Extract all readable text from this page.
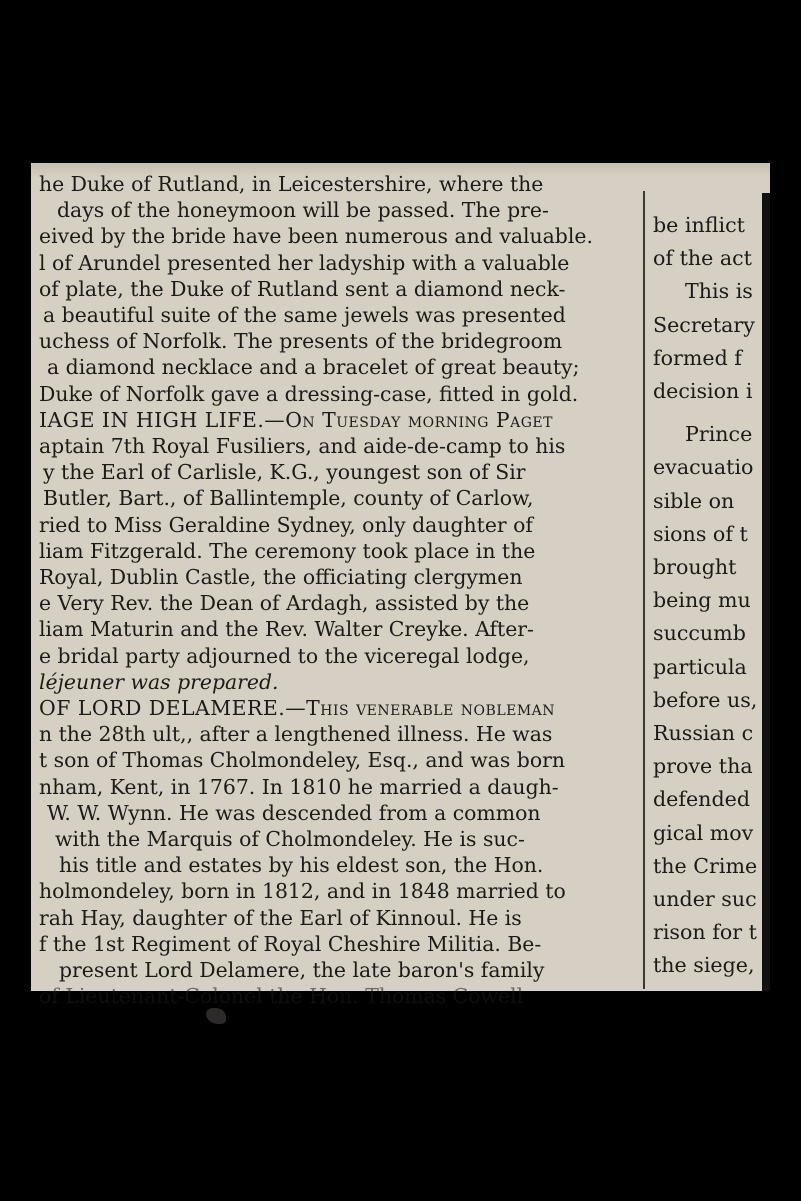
he Duke of Rutland, in Leicestershire, where the

days of the honeymoon will be passed. The pre-

eived by the bride have been numerous and valuable.

l of Arundel presented her ladyship with a valuable

of plate, the Duke of Rutland sent a diamond neck-

a beautiful suite of the same jewels was presented

uchess of Norfolk. The presents of the bridegroom

a diamond necklace and a bracelet of great beauty;

Duke of Norfolk gave a dressing-case, fitted in gold.

IAGE IN HIGH LIFE.—On Tuesday morning Paget

aptain 7th Royal Fusiliers, and aide-de-camp to his

y the Earl of Carlisle, K.G., youngest son of Sir

Butler, Bart., of Ballintemple, county of Carlow,

ried to Miss Geraldine Sydney, only daughter of

liam Fitzgerald. The ceremony took place in the

Royal, Dublin Castle, the officiating clergymen

e Very Rev. the Dean of Ardagh, assisted by the

liam Maturin and the Rev. Walter Creyke. After-

e bridal party adjourned to the viceregal lodge,

léjeuner was prepared.

OF LORD DELAMERE.—This venerable nobleman

n the 28th ult,, after a lengthened illness. He was

t son of Thomas Cholmondeley, Esq., and was born

nham, Kent, in 1767. In 1810 he married a daugh-

W. W. Wynn. He was descended from a common

with the Marquis of Cholmondeley. He is suc-

his title and estates by his eldest son, the Hon.

holmondeley, born in 1812, and in 1848 married to

rah Hay, daughter of the Earl of Kinnoul. He is

f the 1st Regiment of Royal Cheshire Militia. Be-

present Lord Delamere, the late baron's family

of Lieutenant-Colonel the Hon. Thomas Cowell

be inflict

of the act

This is

Secretary

formed f

decision i

Prince

evacuatio

sible on

sions of t

brought

being mu

succumb

particula

before us,

Russian c

prove tha

defended

gical mov

the Crime

under suc

rison for t

the siege,
